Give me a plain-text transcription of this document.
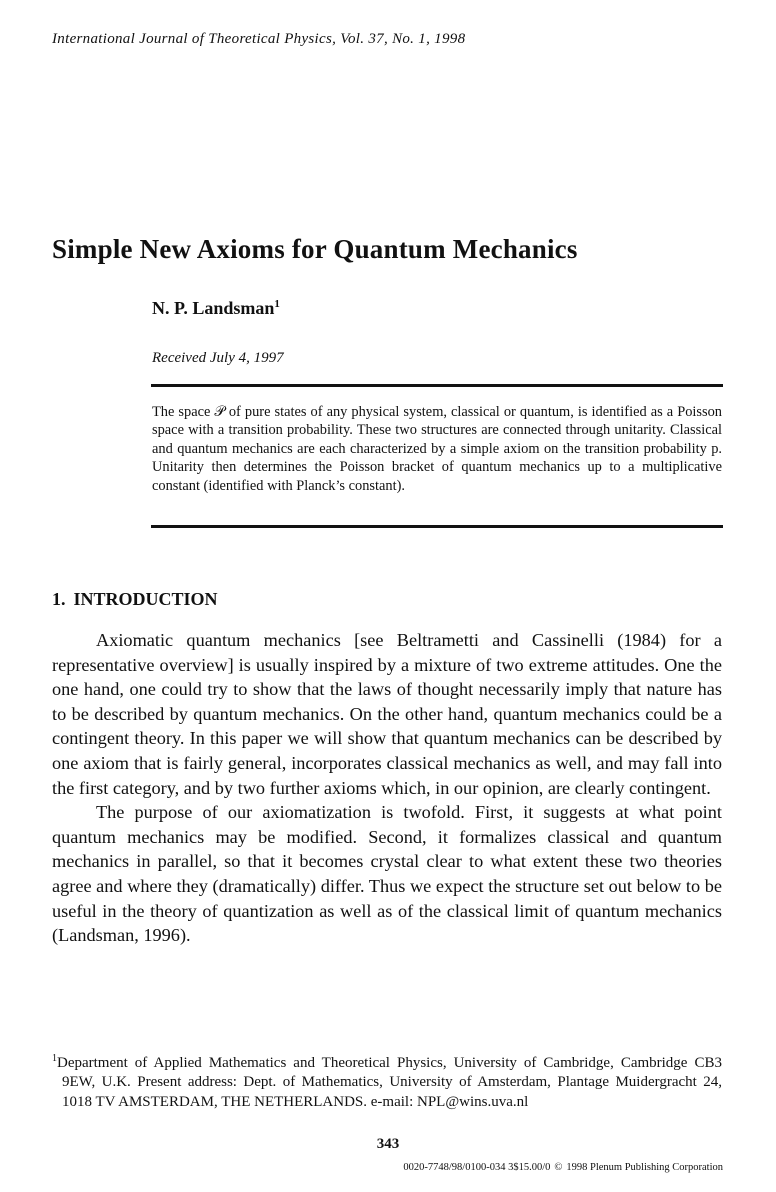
International Journal of Theoretical Physics, Vol. 37, No. 1, 1998
Simple New Axioms for Quantum Mechanics
N. P. Landsman$^1$
Received July 4, 1997
The space 𝒫 of pure states of any physical system, classical or quantum, is identified as a Poisson space with a transition probability. These two structures are connected through unitarity. Classical and quantum mechanics are each characterized by a simple axiom on the transition probability p. Unitarity then determines the Poisson bracket of quantum mechanics up to a multiplicative constant (identified with Planck’s constant).
1. INTRODUCTION

Axiomatic quantum mechanics [see Beltrametti and Cassinelli (1984) for a representative overview] is usually inspired by a mixture of two extreme attitudes. One the one hand, one could try to show that the laws of thought necessarily imply that nature has to be described by quantum mechanics. On the other hand, quantum mechanics could be a contingent theory. In this paper we will show that quantum mechanics can be described by one axiom that is fairly general, incorporates classical mechanics as well, and may fall into the first category, and by two further axioms which, in our opinion, are clearly contingent.

The purpose of our axiomatization is twofold. First, it suggests at what point quantum mechanics may be modified. Second, it formalizes classical and quantum mechanics in parallel, so that it becomes crystal clear to what extent these two theories agree and where they (dramatically) differ. Thus we expect the structure set out below to be useful in the theory of quantization as well as of the classical limit of quantum mechanics (Landsman, 1996).

$^1$Department of Applied Mathematics and Theoretical Physics, University of Cambridge, Cambridge CB3 9EW, U.K. Present address: Dept. of Mathematics, University of Amsterdam, Plantage Muidergracht 24, 1018 TV AMSTERDAM, THE NETHERLANDS. e-mail: NPL@wins.uva.nl
343
0020-7748/98/0100-034 3$15.00/0 © 1998 Plenum Publishing Corporation
